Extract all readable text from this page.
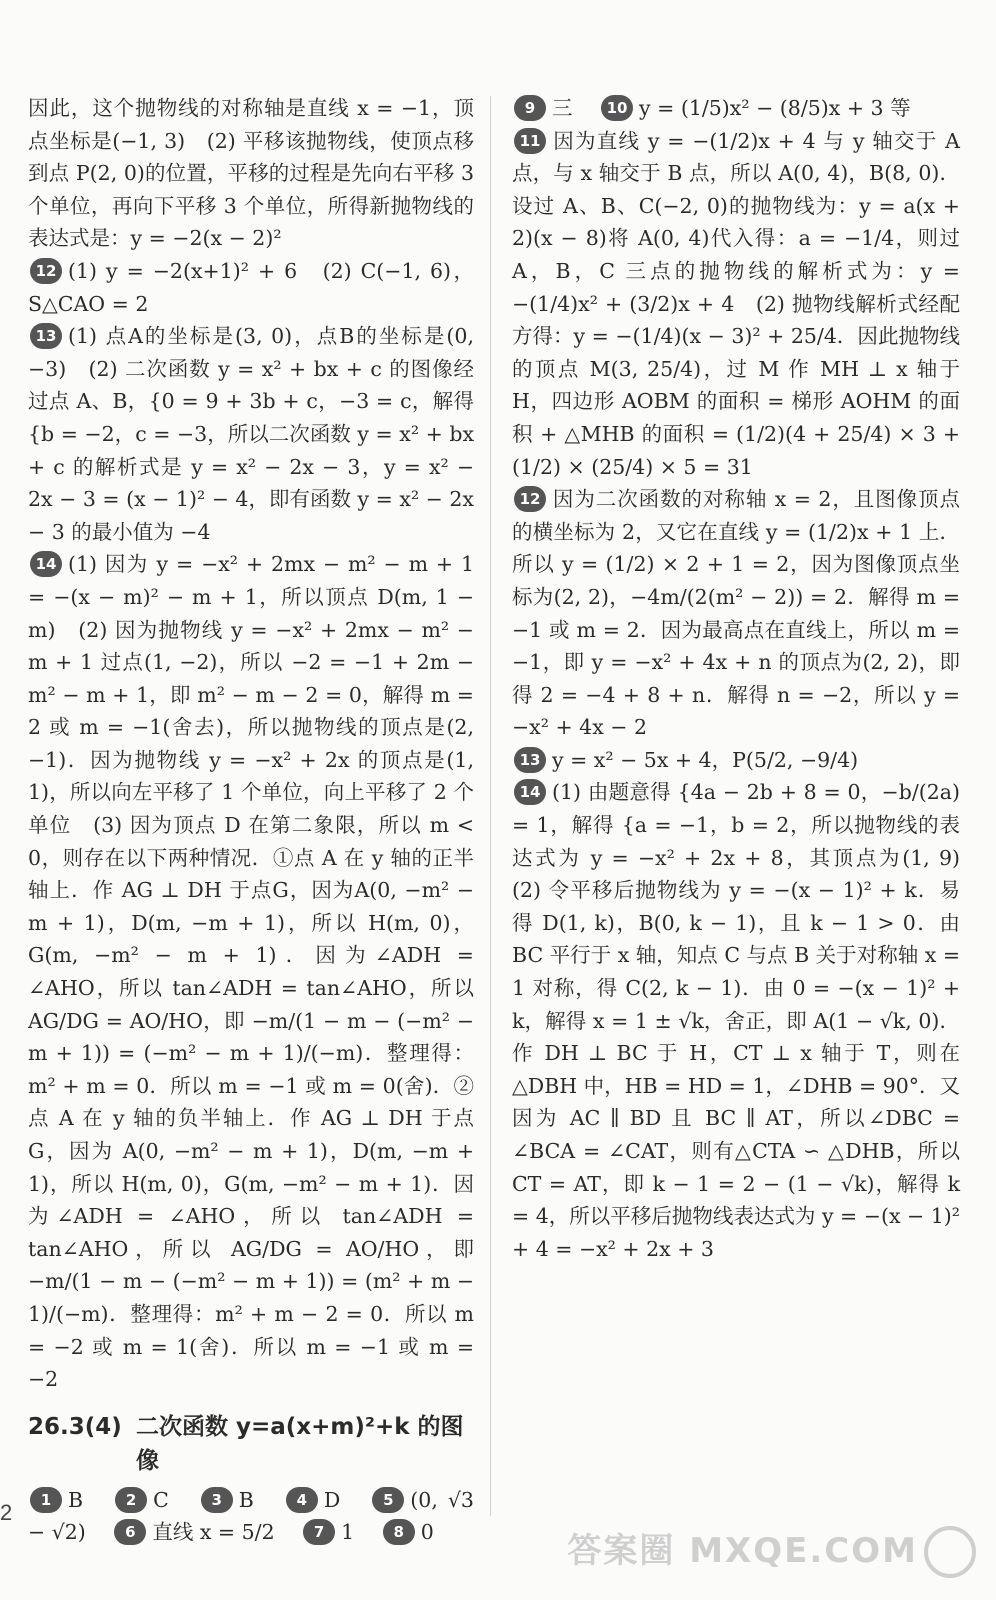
因此，这个抛物线的对称轴是直线 x = −1，顶点坐标是(−1, 3)　(2) 平移该抛物线，使顶点移到点 P(2, 0)的位置，平移的过程是先向右平移 3 个单位，再向下平移 3 个单位，所得新抛物线的表达式是：y = −2(x − 2)²

12 (1) y = −2(x+1)² + 6　(2) C(−1, 6)，S△CAO = 2

13 (1) 点A的坐标是(3, 0)，点B的坐标是(0, −3)　(2) 二次函数 y = x² + bx + c 的图像经过点 A、B，{0 = 9 + 3b + c，−3 = c，解得 {b = −2，c = −3，所以二次函数 y = x² + bx + c 的解析式是 y = x² − 2x − 3，y = x² − 2x − 3 = (x − 1)² − 4，即有函数 y = x² − 2x − 3 的最小值为 −4

14 (1) 因为 y = −x² + 2mx − m² − m + 1 = −(x − m)² − m + 1，所以顶点 D(m, 1 − m)　(2) 因为抛物线 y = −x² + 2mx − m² − m + 1 过点(1, −2)，所以 −2 = −1 + 2m − m² − m + 1，即 m² − m − 2 = 0，解得 m = 2 或 m = −1(舍去)，所以抛物线的顶点是(2, −1)．因为抛物线 y = −x² + 2x 的顶点是(1, 1)，所以向左平移了 1 个单位，向上平移了 2 个单位　(3) 因为顶点 D 在第二象限，所以 m < 0，则存在以下两种情况．①点 A 在 y 轴的正半轴上．作 AG ⊥ DH 于点G，因为A(0, −m² − m + 1)，D(m, −m + 1)，所以 H(m, 0)，G(m, −m² − m + 1)．因为∠ADH = ∠AHO，所以 tan∠ADH = tan∠AHO，所以 AG/DG = AO/HO，即 −m/(1 − m − (−m² − m + 1)) = (−m² − m + 1)/(−m)．整理得：m² + m = 0．所以 m = −1 或 m = 0(舍)．②点 A 在 y 轴的负半轴上．作 AG ⊥ DH 于点G，因为 A(0, −m² − m + 1)，D(m, −m + 1)，所以 H(m, 0)，G(m, −m² − m + 1)．因为∠ADH = ∠AHO，所以 tan∠ADH = tan∠AHO，所以 AG/DG = AO/HO，即 −m/(1 − m − (−m² − m + 1)) = (m² + m − 1)/(−m)．整理得：m² + m − 2 = 0．所以 m = −2 或 m = 1(舍)．所以 m = −1 或 m = −2

26.3(4) 二次函数 y=a(x+m)²+k 的图像

1 B	2 C	3 B	4 D	5 (0, √3 − √2)	6 直线 x = 5/2	7 1	8 0

9 三 10 y = (1/5)x² − (8/5)x + 3 等

11 因为直线 y = −(1/2)x + 4 与 y 轴交于 A 点，与 x 轴交于 B 点，所以 A(0, 4)，B(8, 0)．设过 A、B、C(−2, 0)的抛物线为：y = a(x + 2)(x − 8)将 A(0, 4)代入得：a = −1/4，则过 A，B，C 三点的抛物线的解析式为：y = −(1/4)x² + (3/2)x + 4　(2) 抛物线解析式经配方得：y = −(1/4)(x − 3)² + 25/4．因此抛物线的顶点 M(3, 25/4)，过 M 作 MH ⊥ x 轴于 H，四边形 AOBM 的面积 = 梯形 AOHM 的面积 + △MHB 的面积 = (1/2)(4 + 25/4) × 3 + (1/2) × (25/4) × 5 = 31

12 因为二次函数的对称轴 x = 2，且图像顶点的横坐标为 2，又它在直线 y = (1/2)x + 1 上．所以 y = (1/2) × 2 + 1 = 2，因为图像顶点坐标为(2, 2)，−4m/(2(m² − 2)) = 2．解得 m = −1 或 m = 2．因为最高点在直线上，所以 m = −1，即 y = −x² + 4x + n 的顶点为(2, 2)，即得 2 = −4 + 8 + n．解得 n = −2，所以 y = −x² + 4x − 2

13 y = x² − 5x + 4，P(5/2, −9/4)

14 (1) 由题意得 {4a − 2b + 8 = 0，−b/(2a) = 1，解得 {a = −1，b = 2，所以抛物线的表达式为 y = −x² + 2x + 8，其顶点为(1, 9)　(2) 令平移后抛物线为 y = −(x − 1)² + k．易得 D(1, k)，B(0, k − 1)，且 k − 1 > 0．由 BC 平行于 x 轴，知点 C 与点 B 关于对称轴 x = 1 对称，得 C(2, k − 1)．由 0 = −(x − 1)² + k，解得 x = 1 ± √k，舍正，即 A(1 − √k, 0)．作 DH ⊥ BC 于 H，CT ⊥ x 轴于 T，则在△DBH 中，HB = HD = 1，∠DHB = 90°．又因为 AC ∥ BD 且 BC ∥ AT，所以∠DBC = ∠BCA = ∠CAT，则有△CTA ∽ △DHB，所以 CT = AT，即 k − 1 = 2 − (1 − √k)，解得 k = 4，所以平移后抛物线表达式为 y = −(x − 1)² + 4 = −x² + 2x + 3

2
答案圈 MXQE.COM
